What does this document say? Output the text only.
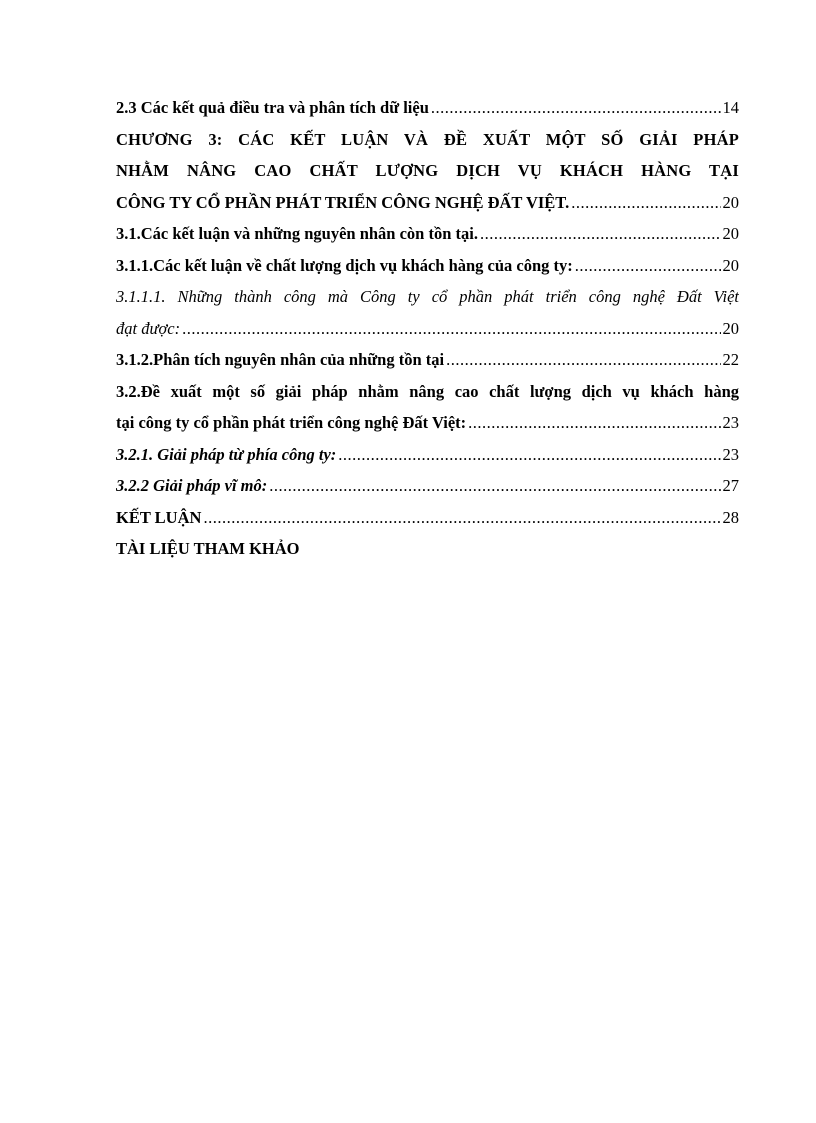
2.3 Các kết quả điều tra và phân tích dữ liệu .....	14
CHƯƠNG 3: CÁC KẾT LUẬN VÀ ĐỀ XUẤT MỘT SỐ GIẢI PHÁP
NHẰM NÂNG CAO CHẤT LƯỢNG DỊCH VỤ KHÁCH HÀNG TẠI
CÔNG TY CỔ PHẦN PHÁT TRIỂN CÔNG NGHỆ ĐẤT VIỆT. .....	20
3.1.Các kết luận và những nguyên nhân còn tồn tại. .....	20
3.1.1.Các kết luận về chất lượng dịch vụ khách hàng của công ty: .....	20
3.1.1.1. Những thành công mà Công ty cổ phần phát triển công nghệ Đất Việt
đạt được: .....	20
3.1.2.Phân tích nguyên nhân của những tồn tại .....	22
3.2.Đề xuất một số giải pháp nhằm nâng cao chất lượng dịch vụ khách hàng
tại công ty cổ phần phát triển công nghệ Đất Việt: .....	23
3.2.1. Giải pháp từ phía công ty: .....	23
3.2.2 Giải pháp vĩ mô: .....	27
KẾT LUẬN .....	28
TÀI LIỆU THAM KHẢO
